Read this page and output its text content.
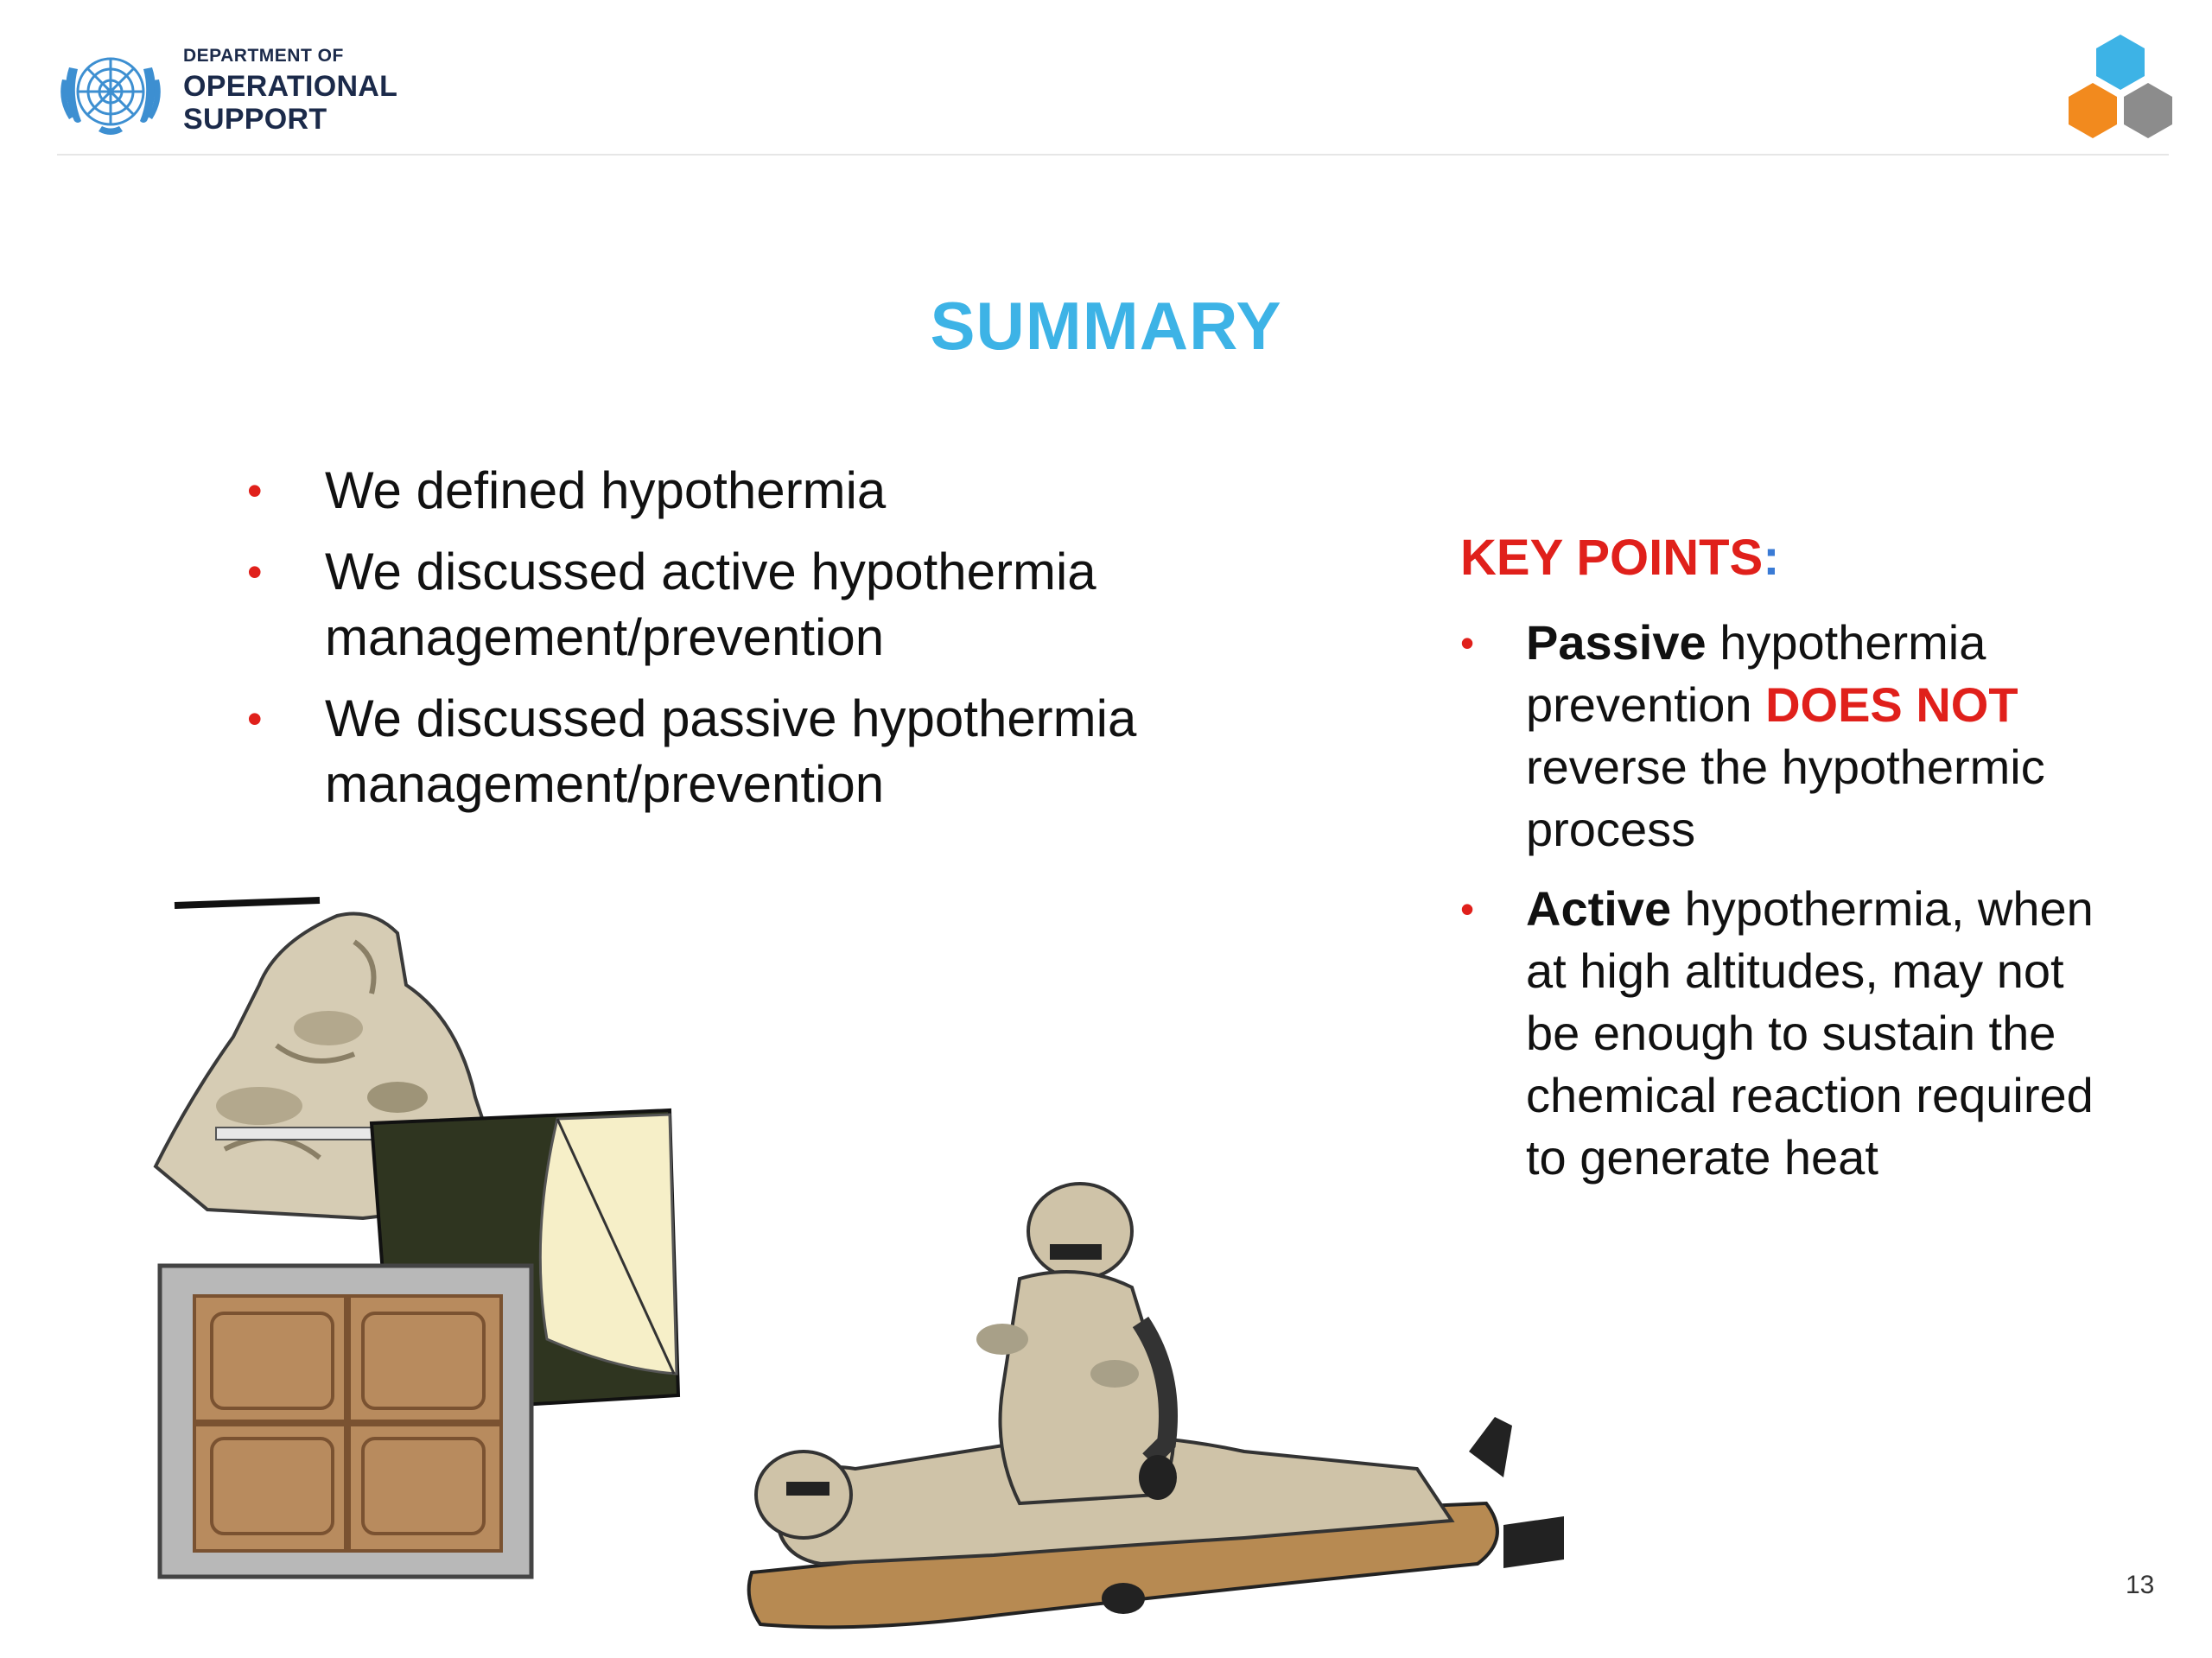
DEPARTMENT OF
OPERATIONAL
SUPPORT
SUMMARY
• We defined hypothermia
• We discussed active hypothermia management/prevention
• We discussed passive hypothermia management/prevention
KEY POINTS:
• Passive hypothermia prevention DOES NOT reverse the hypothermic process
• Active hypothermia, when at high altitudes, may not be enough to sustain the chemical reaction required to generate heat
13
